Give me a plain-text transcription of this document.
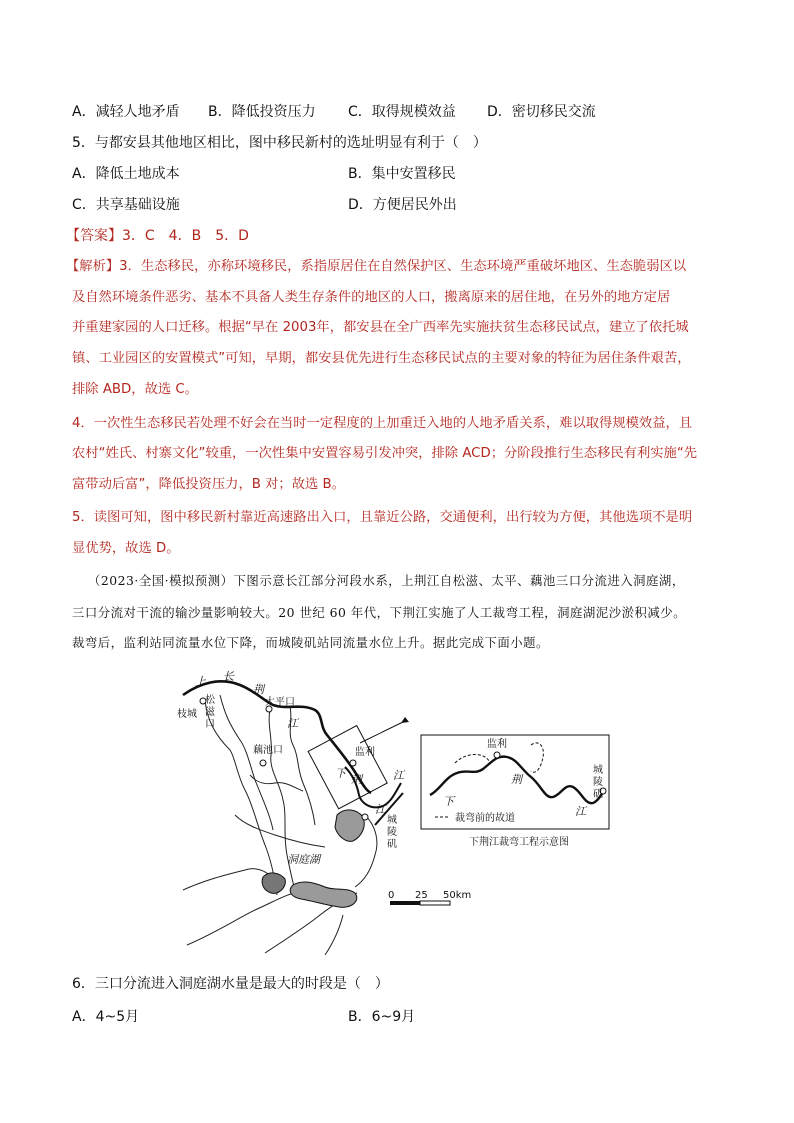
A．减轻人地矛盾 B．降低投资压力 C．取得规模效益 D．密切移民交流
5．与都安县其他地区相比，图中移民新村的选址明显有利于（　）
A．降低土地成本	B．集中安置移民
C．共享基础设施	D．方便居民外出
【答案】3．C　4．B　5．D
【解析】3．生态移民，亦称环境移民，系指原居住在自然保护区、生态环境严重破坏地区、生态脆弱区以
及自然环境条件恶劣、基本不具备人类生存条件的地区的人口，搬离原来的居住地，在另外的地方定居
并重建家园的人口迁移。根据“早在 2003年，都安县在全广西率先实施扶贫生态移民试点，建立了依托城
镇、工业园区的安置模式”可知，早期，都安县优先进行生态移民试点的主要对象的特征为居住条件艰苦，
排除 ABD，故选 C。
4．一次性生态移民若处理不好会在当时一定程度的上加重迁入地的人地矛盾关系，难以取得规模效益，且
农村“姓氏、村寨文化”较重，一次性集中安置容易引发冲突，排除 ACD；分阶段推行生态移民有利实施“先
富带动后富”，降低投资压力，B 对；故选 B。
5．读图可知，图中移民新村靠近高速路出入口，且靠近公路，交通便利，出行较为方便，其他选项不是明
显优势，故选 D。
（2023·全国·模拟预测）下图示意长江部分河段水系，上荆江自松滋、太平、藕池三口分流进入洞庭湖，
三口分流对干流的输沙量影响较大。20 世纪 60 年代，下荆江实施了人工裁弯工程，洞庭湖泥沙淤积减少。
裁弯后，监利站同流量水位下降，而城陵矶站同流量水位上升。据此完成下面小题。
上 长
荆
江
枝城
松滋口
太平口
藕池口	监利
下 荆	江
江
城陵矶
洞庭湖
0 25 50km
监利
下
荆
江
城陵矶
裁弯前的故道
下荆江裁弯工程示意图
6．三口分流进入洞庭湖水量是最大的时段是（　）
A．4~5月	B．6~9月
